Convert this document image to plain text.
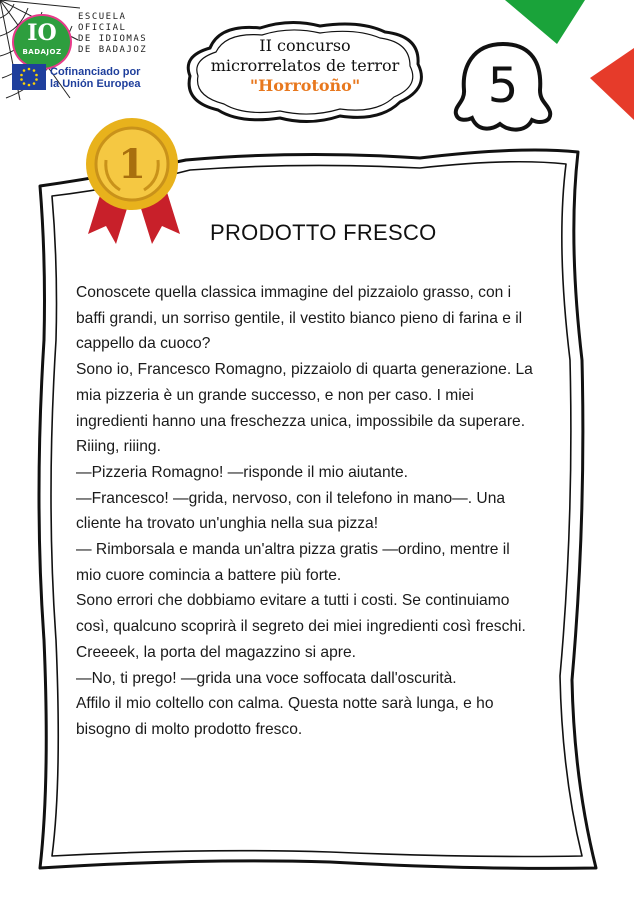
IO
BADAJOZ
ESCUELA
OFICIAL
DE IDIOMAS
DE BADAJOZ
Cofinanciado por
la Unión Europea
II concurso
microrrelatos de terror
"Horrotoño"	5
1
PRODOTTO FRESCO

Conoscete quella classica immagine del pizzaiolo grasso, con i baffi grandi, un sorriso gentile, il vestito bianco pieno di farina e il cappello da cuoco?

Sono io, Francesco Romagno, pizzaiolo di quarta generazione. La mia pizzeria è un grande successo, e non per caso. I miei ingredienti hanno una freschezza unica, impossibile da superare.

Riiing, riiing.

—Pizzeria Romagno! —risponde il mio aiutante.

—Francesco! —grida, nervoso, con il telefono in mano—. Una cliente ha trovato un'unghia nella sua pizza!

— Rimborsala e manda un'altra pizza gratis —ordino, mentre il mio cuore comincia a battere più forte.

Sono errori che dobbiamo evitare a tutti i costi. Se continuiamo così, qualcuno scoprirà il segreto dei miei ingredienti così freschi.

Creeeek, la porta del magazzino si apre.

—No, ti prego! —grida una voce soffocata dall'oscurità.

Affilo il mio coltello con calma. Questa notte sarà lunga, e ho bisogno di molto prodotto fresco.
